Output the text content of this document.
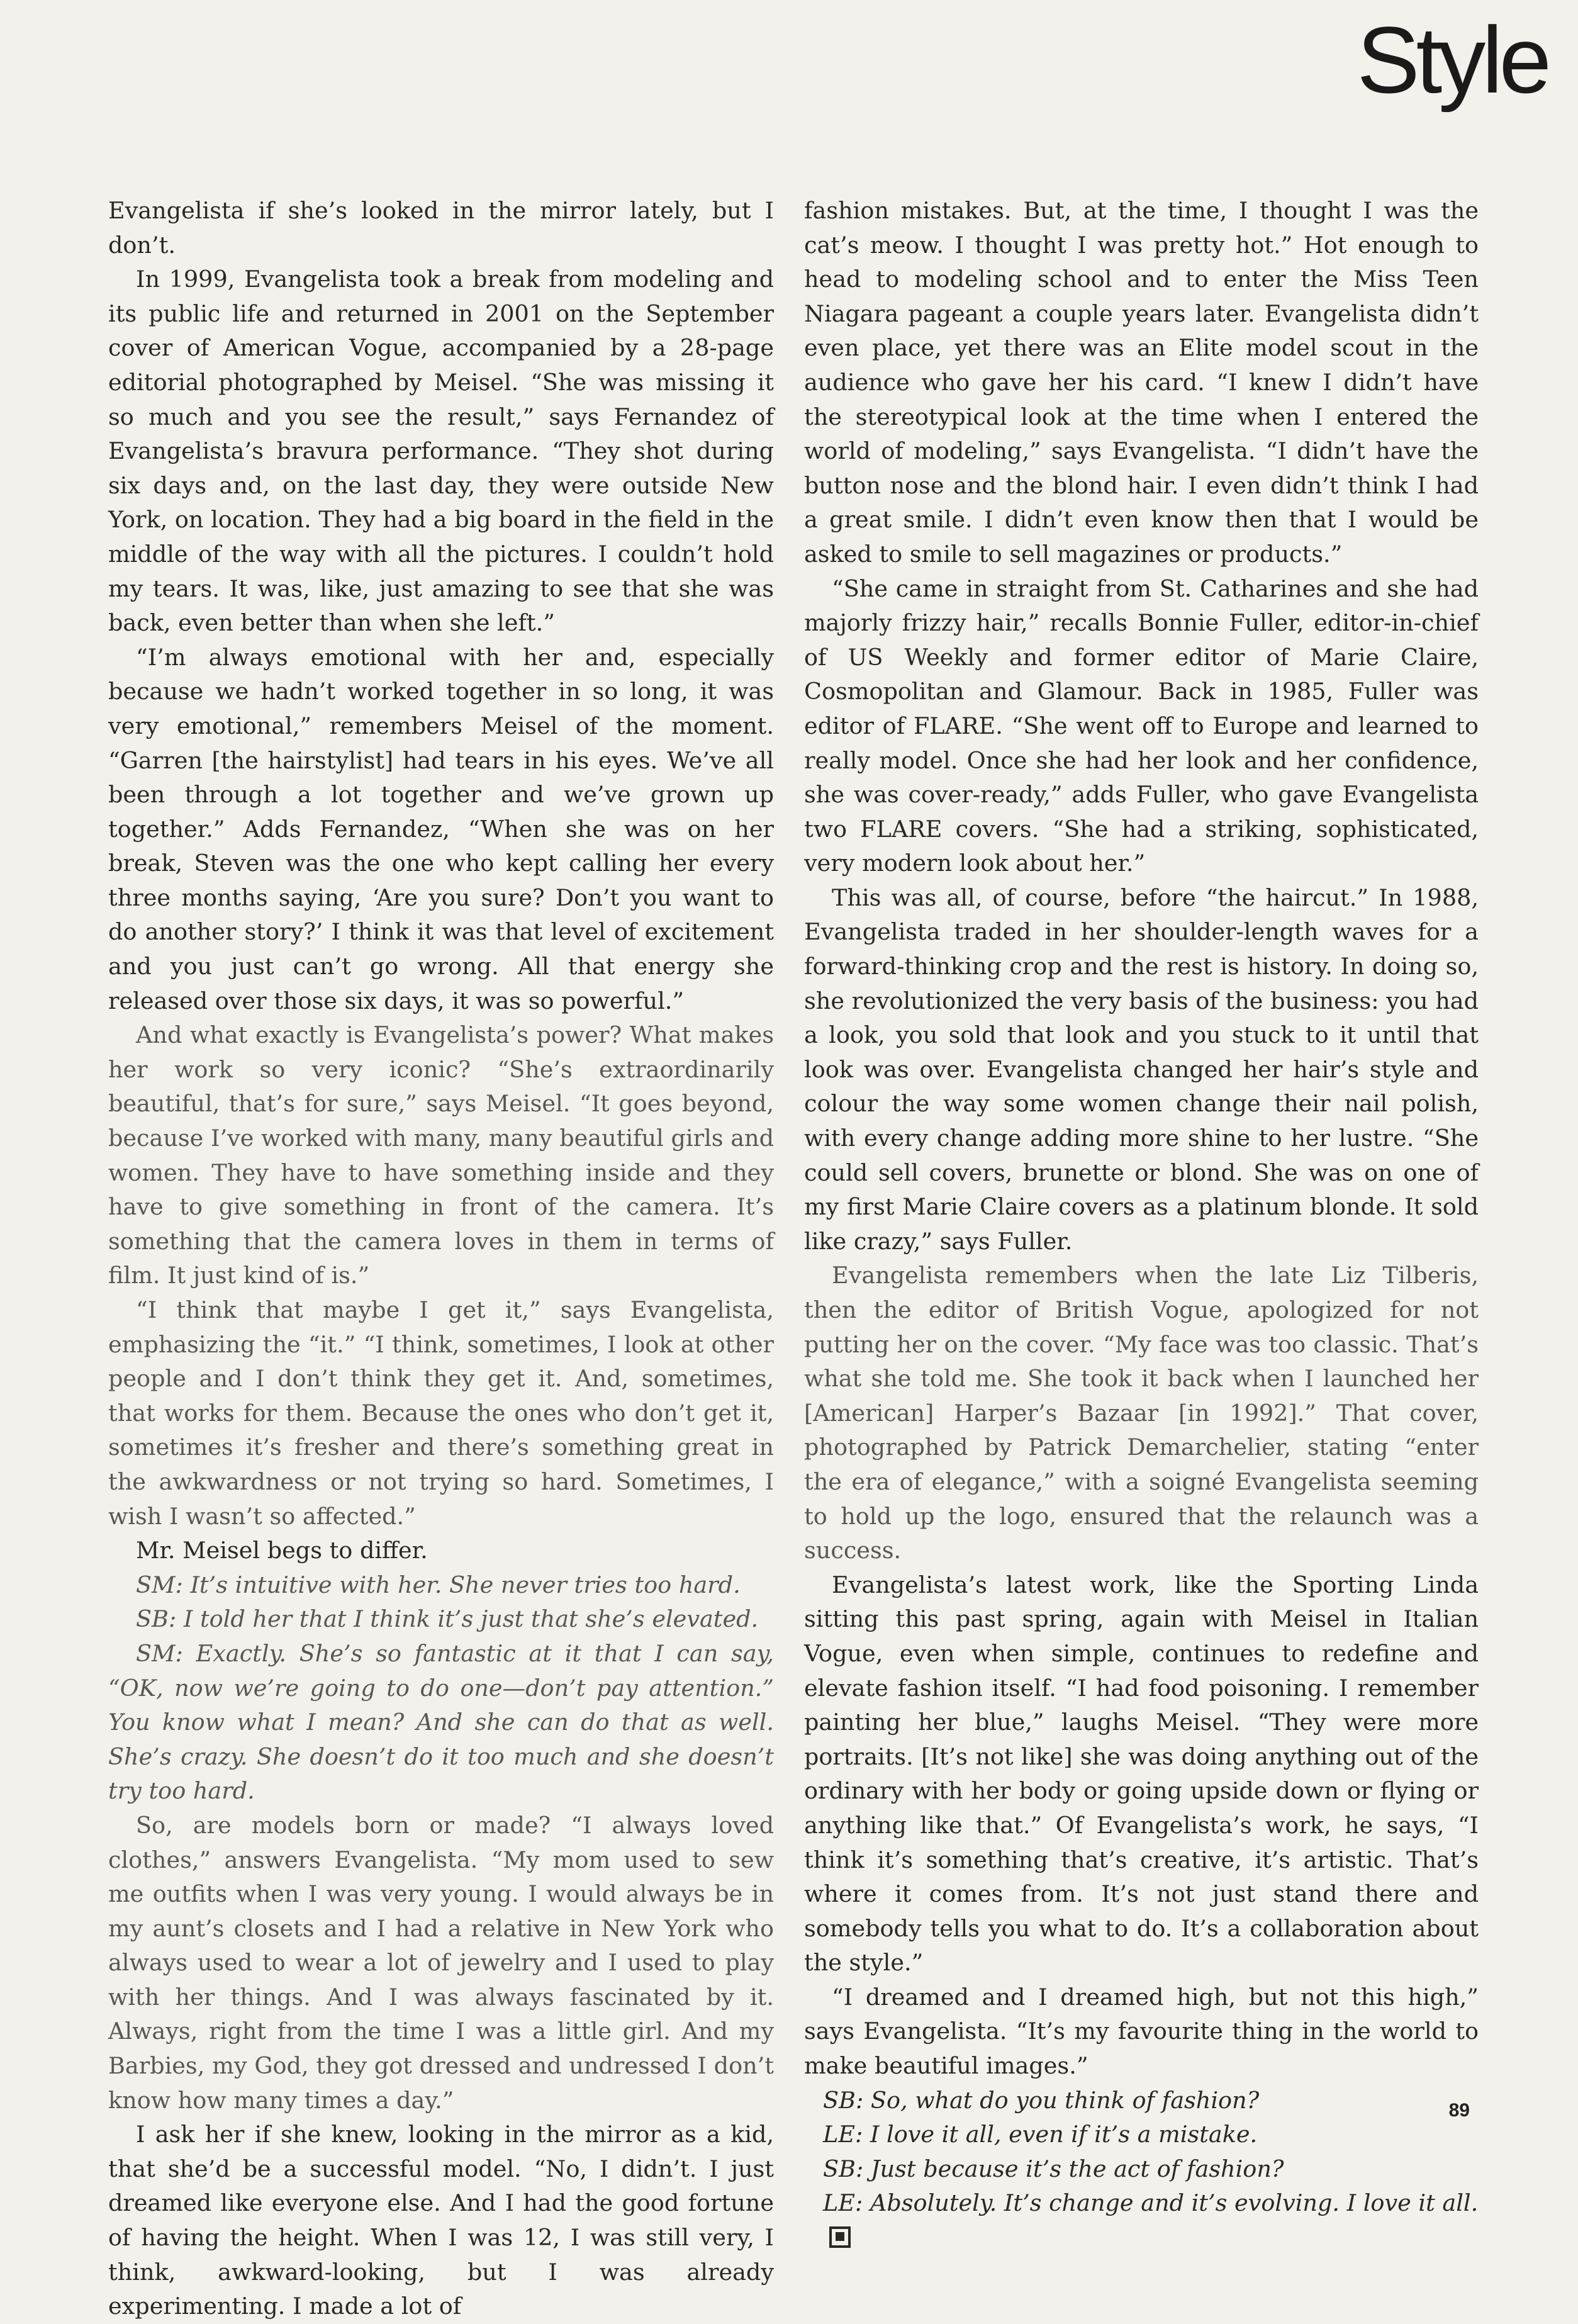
Style

Evangelista if she’s looked in the mirror lately, but I don’t.

In 1999, Evangelista took a break from modeling and its public life and returned in 2001 on the September cover of American Vogue, accompanied by a 28-page editorial photographed by Meisel. “She was missing it so much and you see the result,” says Fernandez of Evangelista’s bravura performance. “They shot during six days and, on the last day, they were outside New York, on location. They had a big board in the field in the middle of the way with all the pictures. I couldn’t hold my tears. It was, like, just amazing to see that she was back, even better than when she left.”

“I’m always emotional with her and, especially because we hadn’t worked together in so long, it was very emotional,” remembers Meisel of the moment. “Garren [the hairstylist] had tears in his eyes. We’ve all been through a lot together and we’ve grown up together.” Adds Fernandez, “When she was on her break, Steven was the one who kept calling her every three months saying, ‘Are you sure? Don’t you want to do another story?’ I think it was that level of excitement and you just can’t go wrong. All that energy she released over those six days, it was so powerful.”

And what exactly is Evangelista’s power? What makes her work so very iconic? “She’s extraordinarily beautiful, that’s for sure,” says Meisel. “It goes beyond, because I’ve worked with many, many beautiful girls and women. They have to have something inside and they have to give something in front of the camera. It’s something that the camera loves in them in terms of film. It just kind of is.”

“I think that maybe I get it,” says Evangelista, emphasizing the “it.” “I think, sometimes, I look at other people and I don’t think they get it. And, sometimes, that works for them. Because the ones who don’t get it, sometimes it’s fresher and there’s something great in the awkwardness or not trying so hard. Sometimes, I wish I wasn’t so affected.”

Mr. Meisel begs to differ.

SM: It’s intuitive with her. She never tries too hard.

SB: I told her that I think it’s just that she’s elevated.

SM: Exactly. She’s so fantastic at it that I can say, “OK, now we’re going to do one—don’t pay attention.” You know what I mean? And she can do that as well. She’s crazy. She doesn’t do it too much and she doesn’t try too hard.

So, are models born or made? “I always loved clothes,” answers Evangelista. “My mom used to sew me outfits when I was very young. I would always be in my aunt’s closets and I had a relative in New York who always used to wear a lot of jewelry and I used to play with her things. And I was always fascinated by it. Always, right from the time I was a little girl. And my Barbies, my God, they got dressed and undressed I don’t know how many times a day.”

I ask her if she knew, looking in the mirror as a kid, that she’d be a successful model. “No, I didn’t. I just dreamed like everyone else. And I had the good fortune of having the height. When I was 12, I was still very, I think, awkward-looking, but I was already experimenting. I made a lot of

fashion mistakes. But, at the time, I thought I was the cat’s meow. I thought I was pretty hot.” Hot enough to head to modeling school and to enter the Miss Teen Niagara pageant a couple years later. Evangelista didn’t even place, yet there was an Elite model scout in the audience who gave her his card. “I knew I didn’t have the stereotypical look at the time when I entered the world of modeling,” says Evangelista. “I didn’t have the button nose and the blond hair. I even didn’t think I had a great smile. I didn’t even know then that I would be asked to smile to sell magazines or products.”

“She came in straight from St. Catharines and she had majorly frizzy hair,” recalls Bonnie Fuller, editor-in-chief of US Weekly and former editor of Marie Claire, Cosmopolitan and Glamour. Back in 1985, Fuller was editor of FLARE. “She went off to Europe and learned to really model. Once she had her look and her confidence, she was cover-ready,” adds Fuller, who gave Evangelista two FLARE covers. “She had a striking, sophisticated, very modern look about her.”

This was all, of course, before “the haircut.” In 1988, Evangelista traded in her shoulder-length waves for a forward-thinking crop and the rest is history. In doing so, she revolutionized the very basis of the business: you had a look, you sold that look and you stuck to it until that look was over. Evangelista changed her hair’s style and colour the way some women change their nail polish, with every change adding more shine to her lustre. “She could sell covers, brunette or blond. She was on one of my first Marie Claire covers as a platinum blonde. It sold like crazy,” says Fuller.

Evangelista remembers when the late Liz Tilberis, then the editor of British Vogue, apologized for not putting her on the cover. “My face was too classic. That’s what she told me. She took it back when I launched her [American] Harper’s Bazaar [in 1992].” That cover, photographed by Patrick Demarchelier, stating “enter the era of elegance,” with a soigné Evangelista seeming to hold up the logo, ensured that the relaunch was a success.

Evangelista’s latest work, like the Sporting Linda sitting this past spring, again with Meisel in Italian Vogue, even when simple, continues to redefine and elevate fashion itself. “I had food poisoning. I remember painting her blue,” laughs Meisel. “They were more portraits. [It’s not like] she was doing anything out of the ordinary with her body or going upside down or flying or anything like that.” Of Evangelista’s work, he says, “I think it’s something that’s creative, it’s artistic. That’s where it comes from. It’s not just stand there and somebody tells you what to do. It’s a collaboration about the style.”

“I dreamed and I dreamed high, but not this high,” says Evangelista. “It’s my favourite thing in the world to make beautiful images.”

SB: So, what do you think of fashion?

LE: I love it all, even if it’s a mistake.

SB: Just because it’s the act of fashion?

LE: Absolutely. It’s change and it’s evolving. I love it all.

89
